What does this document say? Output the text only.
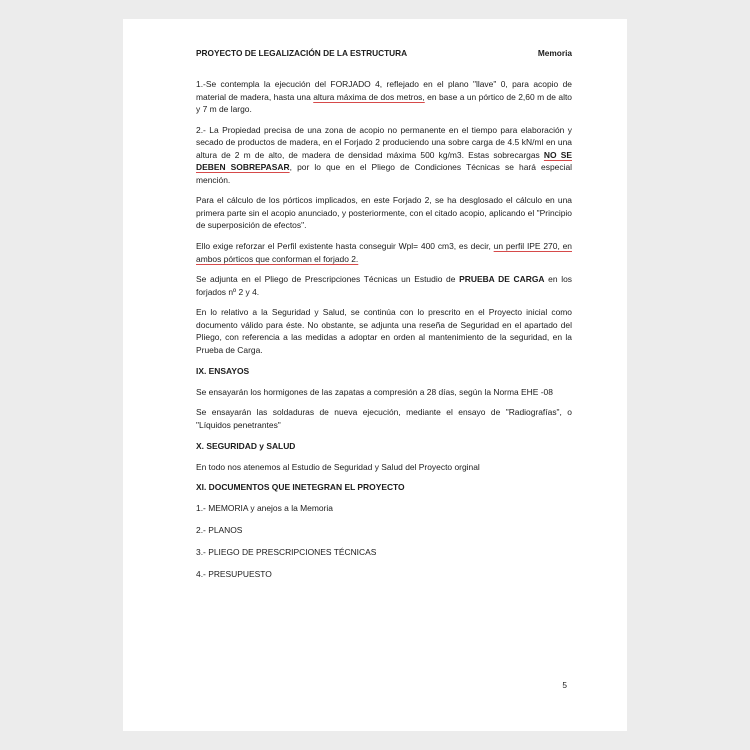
PROYECTO DE LEGALIZACIÓN DE LA ESTRUCTURA	Memoria

1.-Se contempla la ejecución del FORJADO 4, reflejado en el plano "llave" 0, para acopio de material de madera, hasta una altura máxima de dos metros, en base a un pórtico de 2,60 m de alto y 7 m de largo.

2.- La Propiedad precisa de una zona de acopio no permanente en el tiempo para elaboración y secado de productos de madera, en el Forjado 2 produciendo una sobre carga de 4.5 kN/ml en una altura de 2 m de alto, de madera de densidad máxima 500 kg/m3. Estas sobrecargas NO SE DEBEN SOBREPASAR, por lo que en el Pliego de Condiciones Técnicas se hará especial mención.

Para el cálculo de los pórticos implicados, en este Forjado 2, se ha desglosado el cálculo en una primera parte sin el acopio anunciado, y posteriormente, con el citado acopio, aplicando el "Principio de superposición de efectos".

Ello exige reforzar el Perfil existente hasta conseguir Wpl= 400 cm3, es decir, un perfil IPE 270, en ambos pórticos que conforman el forjado 2.

Se adjunta en el Pliego de Prescripciones Técnicas un Estudio de PRUEBA DE CARGA en los forjados nº 2 y 4.

En lo relativo a la Seguridad y Salud, se continúa con lo prescrito en el Proyecto inicial como documento válido para éste. No obstante, se adjunta una reseña de Seguridad en el apartado del Pliego, con referencia a las medidas a adoptar en orden al mantenimiento de la seguridad, en la Prueba de Carga.

IX. ENSAYOS

Se ensayarán los hormigones de las zapatas a compresión a 28 días, según la Norma EHE -08

Se ensayarán las soldaduras de nueva ejecución, mediante el ensayo de "Radiografías", o "Líquidos penetrantes"

X. SEGURIDAD y SALUD

En todo nos atenemos al Estudio de Seguridad y Salud del Proyecto orginal

XI. DOCUMENTOS QUE INETEGRAN EL PROYECTO

1.- MEMORIA y anejos a la Memoria

2.- PLANOS

3.- PLIEGO DE PRESCRIPCIONES TÉCNICAS

4.- PRESUPUESTO

5
